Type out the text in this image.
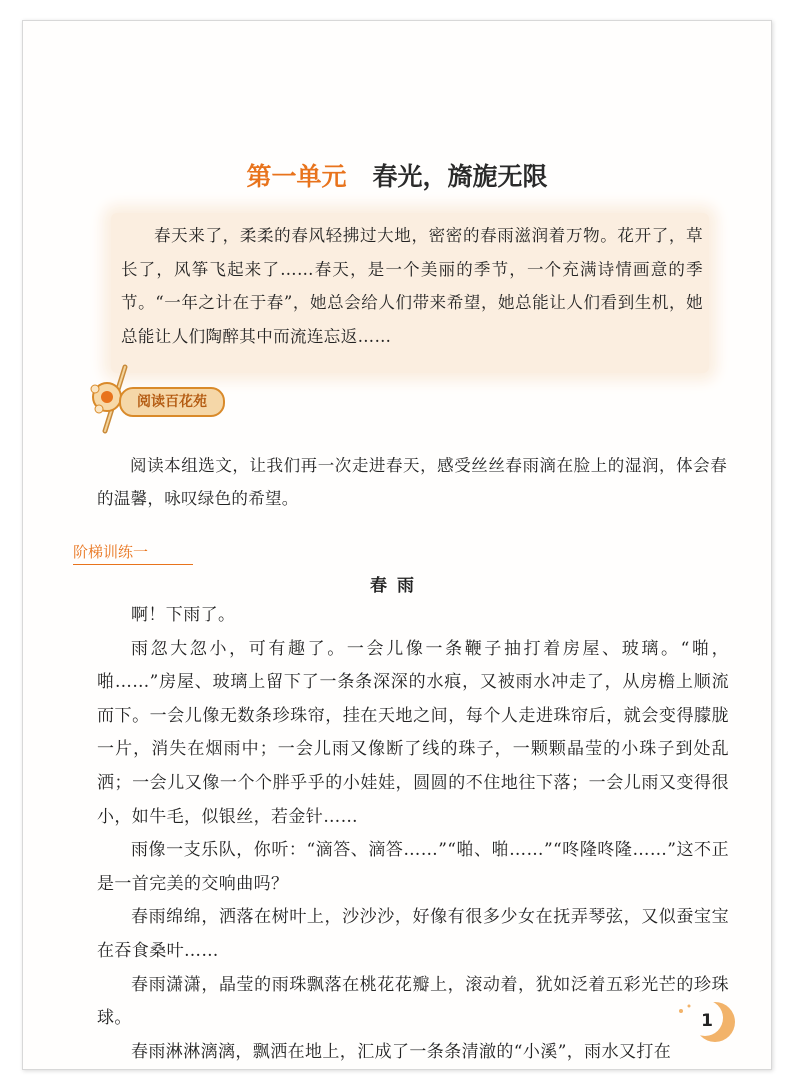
第一单元 春光，旖旎无限

春天来了，柔柔的春风轻拂过大地，密密的春雨滋润着万物。花开了，草长了，风筝飞起来了……春天，是一个美丽的季节，一个充满诗情画意的季节。“一年之计在于春”，她总会给人们带来希望，她总能让人们看到生机，她总能让人们陶醉其中而流连忘返……

阅读百花苑

阅读本组选文，让我们再一次走进春天，感受丝丝春雨滴在脸上的湿润，体会春的温馨，咏叹绿色的希望。

阶梯训练一
春雨

啊！下雨了。

雨忽大忽小，可有趣了。一会儿像一条鞭子抽打着房屋、玻璃。“啪，啪……”房屋、玻璃上留下了一条条深深的水痕，又被雨水冲走了，从房檐上顺流而下。一会儿像无数条珍珠帘，挂在天地之间，每个人走进珠帘后，就会变得朦胧一片，消失在烟雨中；一会儿雨又像断了线的珠子，一颗颗晶莹的小珠子到处乱洒；一会儿又像一个个胖乎乎的小娃娃，圆圆的不住地往下落；一会儿雨又变得很小，如牛毛，似银丝，若金针……

雨像一支乐队，你听：“滴答、滴答……”“啪、啪……”“咚隆咚隆……”这不正是一首完美的交响曲吗？

春雨绵绵，洒落在树叶上，沙沙沙，好像有很多少女在抚弄琴弦，又似蚕宝宝在吞食桑叶……

春雨潇潇，晶莹的雨珠飘落在桃花花瓣上，滚动着，犹如泛着五彩光芒的珍珠球。

春雨淋淋漓漓，飘洒在地上，汇成了一条条清澈的“小溪”，雨水又打在

1
